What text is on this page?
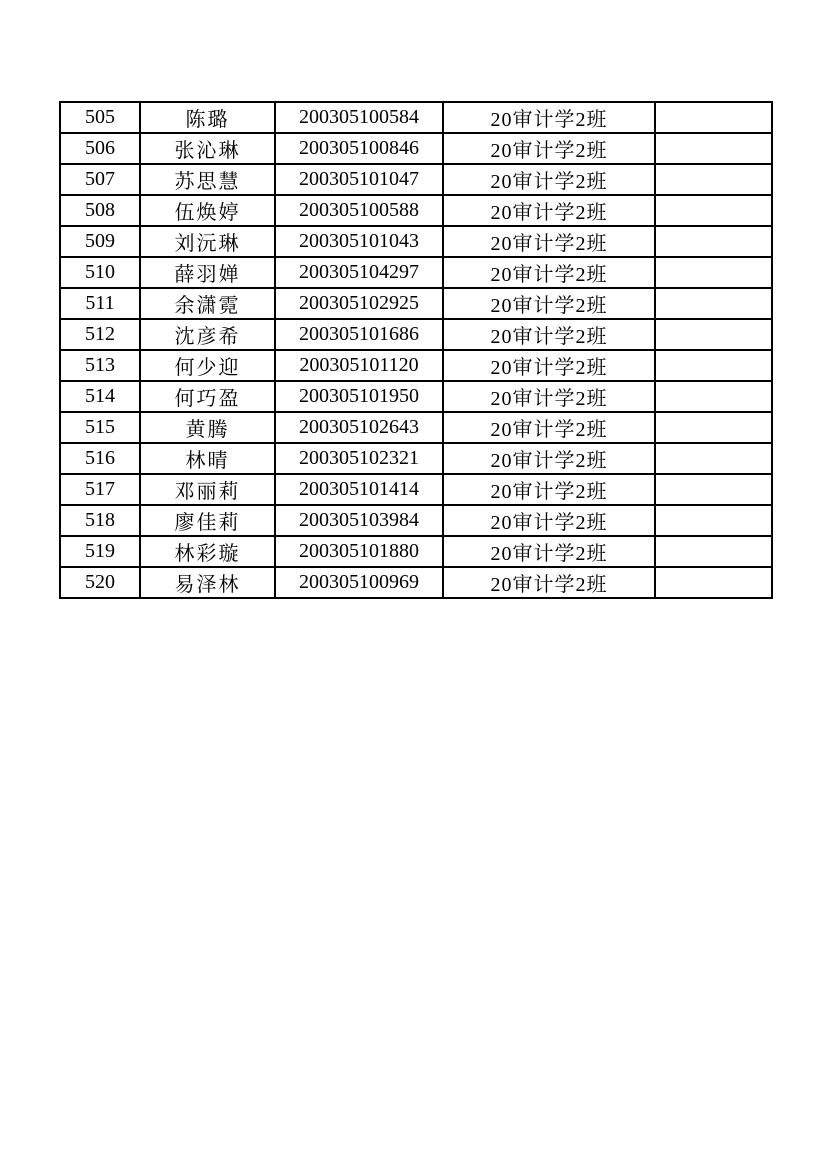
505	陈璐	200305100584	20审计学2班	
506	张沁琳	200305100846	20审计学2班	
507	苏思慧	200305101047	20审计学2班	
508	伍焕婷	200305100588	20审计学2班	
509	刘沅琳	200305101043	20审计学2班	
510	薛羽婵	200305104297	20审计学2班	
511	余潇霓	200305102925	20审计学2班	
512	沈彦希	200305101686	20审计学2班	
513	何少迎	200305101120	20审计学2班	
514	何巧盈	200305101950	20审计学2班	
515	黄腾	200305102643	20审计学2班	
516	林晴	200305102321	20审计学2班	
517	邓丽莉	200305101414	20审计学2班	
518	廖佳莉	200305103984	20审计学2班	
519	林彩璇	200305101880	20审计学2班	
520	易泽林	200305100969	20审计学2班	
